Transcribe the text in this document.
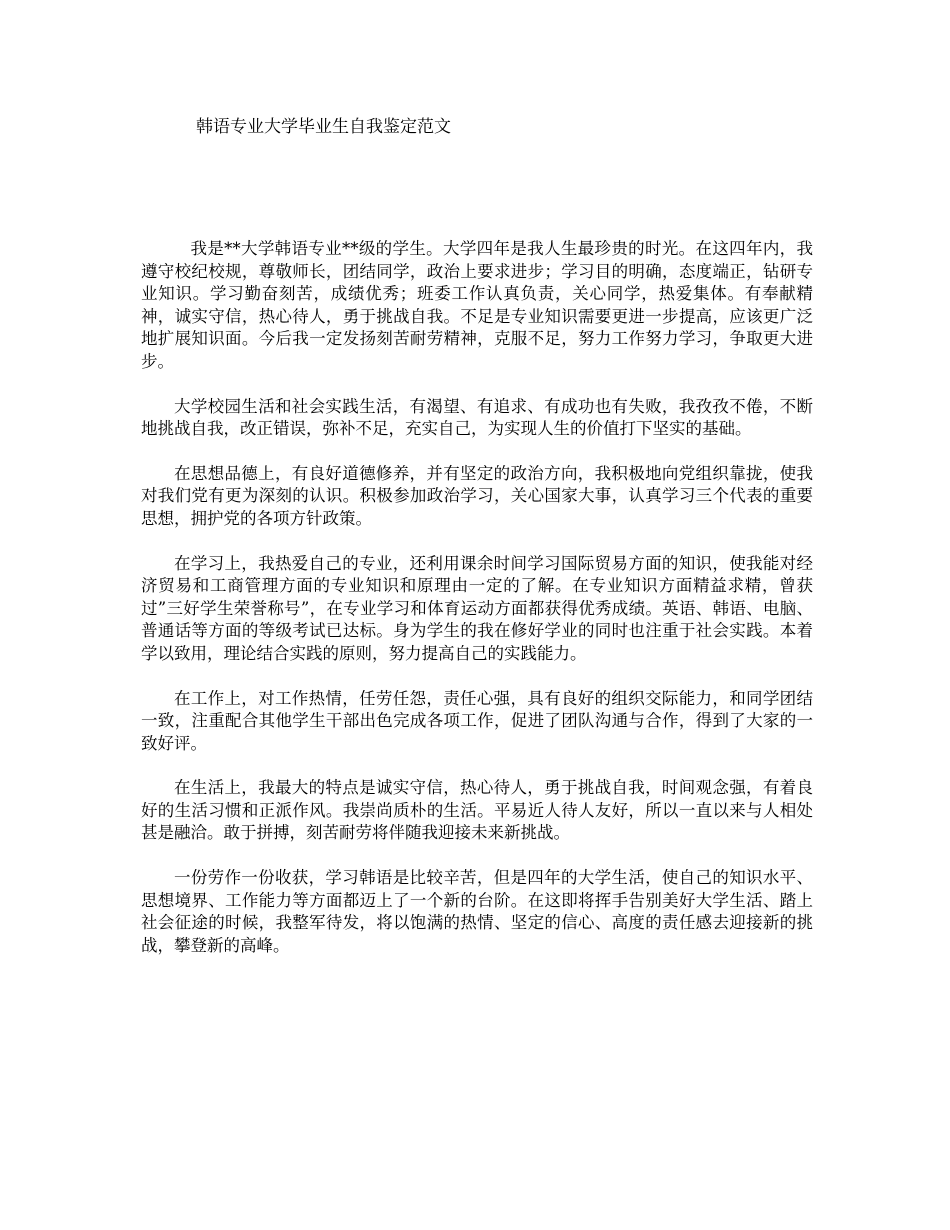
韩语专业大学毕业生自我鉴定范文

我是**大学韩语专业**级的学生。大学四年是我人生最珍贵的时光。在这四年内，我遵守校纪校规，尊敬师长，团结同学，政治上要求进步；学习目的明确，态度端正，钻研专业知识。学习勤奋刻苦，成绩优秀；班委工作认真负责，关心同学，热爱集体。有奉献精神，诚实守信，热心待人，勇于挑战自我。不足是专业知识需要更进一步提高，应该更广泛地扩展知识面。今后我一定发扬刻苦耐劳精神，克服不足，努力工作努力学习，争取更大进步。

大学校园生活和社会实践生活，有渴望、有追求、有成功也有失败，我孜孜不倦，不断地挑战自我，改正错误，弥补不足，充实自己，为实现人生的价值打下坚实的基础。

在思想品德上，有良好道德修养，并有坚定的政治方向，我积极地向党组织靠拢，使我对我们党有更为深刻的认识。积极参加政治学习，关心国家大事，认真学习三个代表的重要思想，拥护党的各项方针政策。

在学习上，我热爱自己的专业，还利用课余时间学习国际贸易方面的知识，使我能对经济贸易和工商管理方面的专业知识和原理由一定的了解。在专业知识方面精益求精，曾获过”三好学生荣誉称号”，在专业学习和体育运动方面都获得优秀成绩。英语、韩语、电脑、普通话等方面的等级考试已达标。身为学生的我在修好学业的同时也注重于社会实践。本着学以致用，理论结合实践的原则，努力提高自己的实践能力。

在工作上，对工作热情，任劳任怨，责任心强，具有良好的组织交际能力，和同学团结一致，注重配合其他学生干部出色完成各项工作，促进了团队沟通与合作，得到了大家的一致好评。

在生活上，我最大的特点是诚实守信，热心待人，勇于挑战自我，时间观念强，有着良好的生活习惯和正派作风。我崇尚质朴的生活。平易近人待人友好，所以一直以来与人相处甚是融洽。敢于拼搏，刻苦耐劳将伴随我迎接未来新挑战。

一份劳作一份收获，学习韩语是比较辛苦，但是四年的大学生活，使自己的知识水平、思想境界、工作能力等方面都迈上了一个新的台阶。在这即将挥手告别美好大学生活、踏上社会征途的时候，我整军待发，将以饱满的热情、坚定的信心、高度的责任感去迎接新的挑战，攀登新的高峰。
